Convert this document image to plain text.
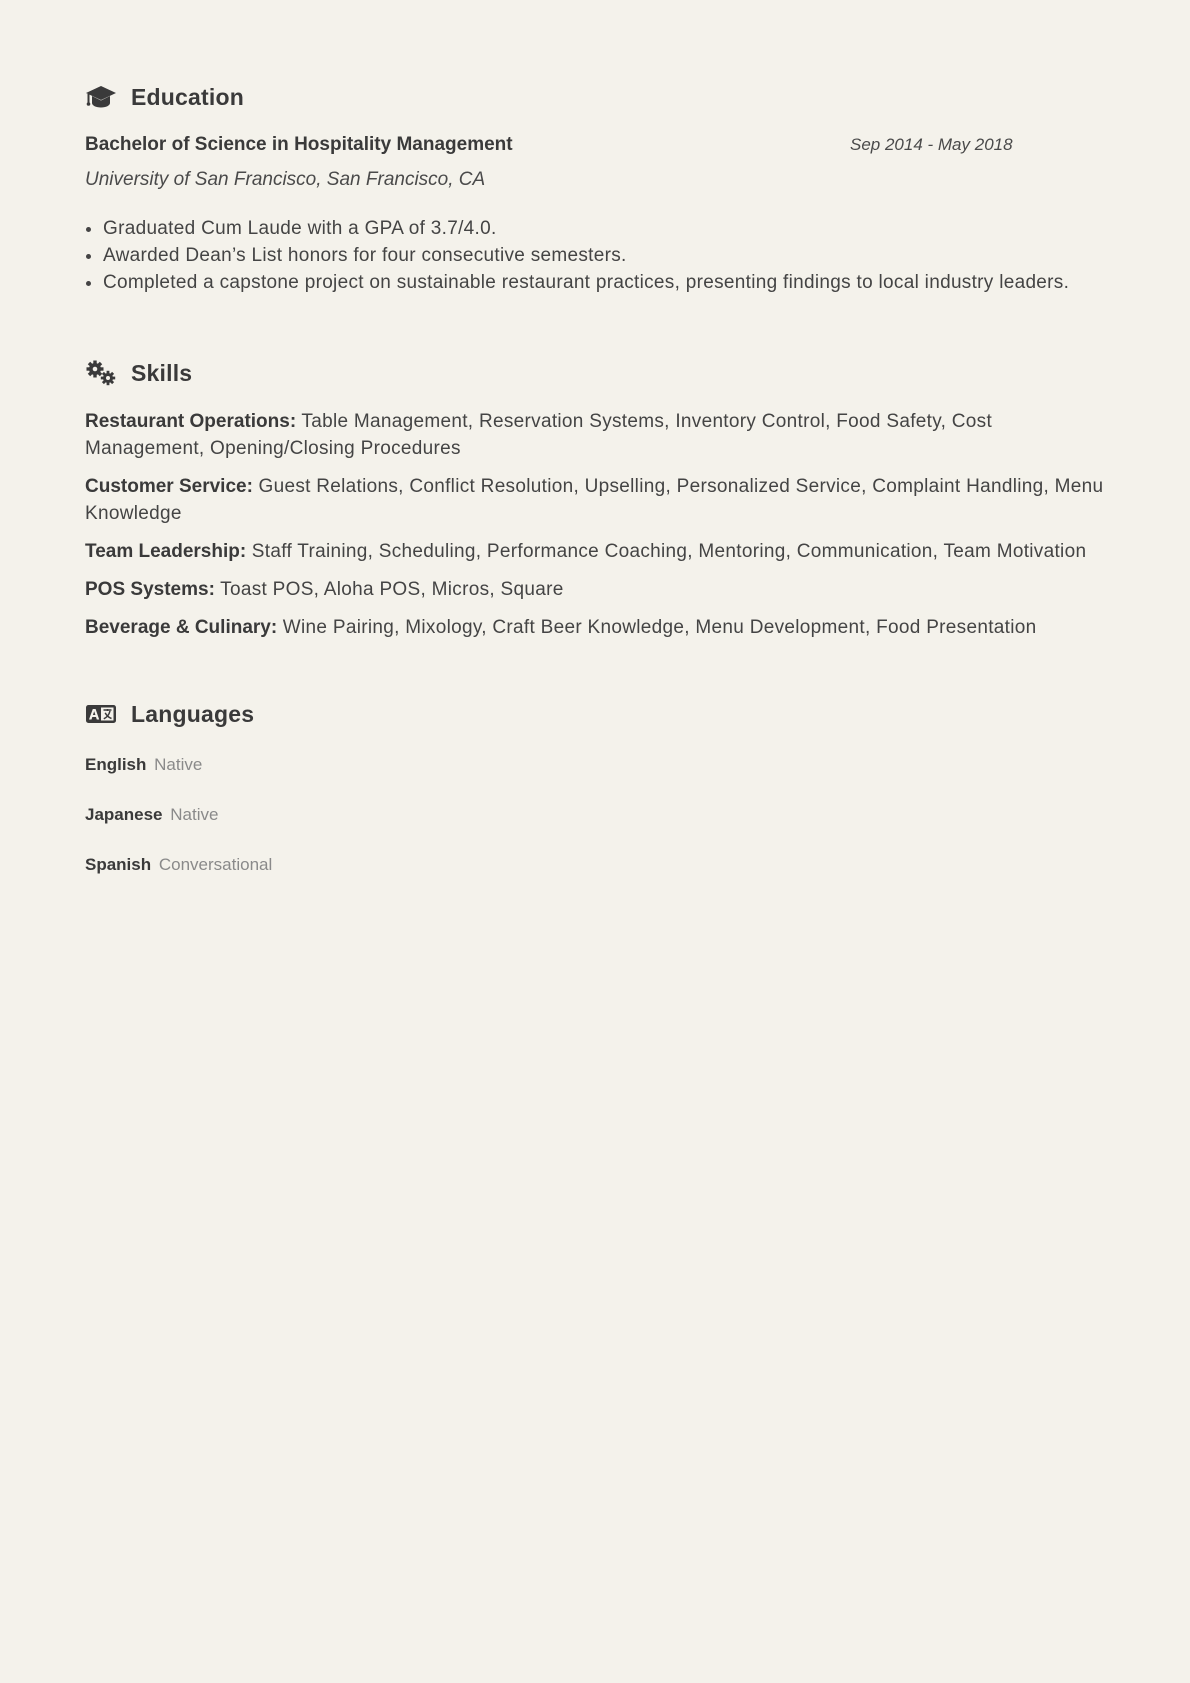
Education
Bachelor of Science in Hospitality Management	Sep 2014 - May 2018
University of San Francisco, San Francisco, CA
• Graduated Cum Laude with a GPA of 3.7/4.0.
• Awarded Dean’s List honors for four consecutive semesters.
• Completed a capstone project on sustainable restaurant practices, presenting findings to local industry leaders.
Skills
Restaurant Operations: Table Management, Reservation Systems, Inventory Control, Food Safety, Cost Management, Opening/Closing Procedures
Customer Service: Guest Relations, Conflict Resolution, Upselling, Personalized Service, Complaint Handling, Menu Knowledge
Team Leadership: Staff Training, Scheduling, Performance Coaching, Mentoring, Communication, Team Motivation
POS Systems: Toast POS, Aloha POS, Micros, Square
Beverage & Culinary: Wine Pairing, Mixology, Craft Beer Knowledge, Menu Development, Food Presentation
Languages
English Native
Japanese Native
Spanish Conversational
